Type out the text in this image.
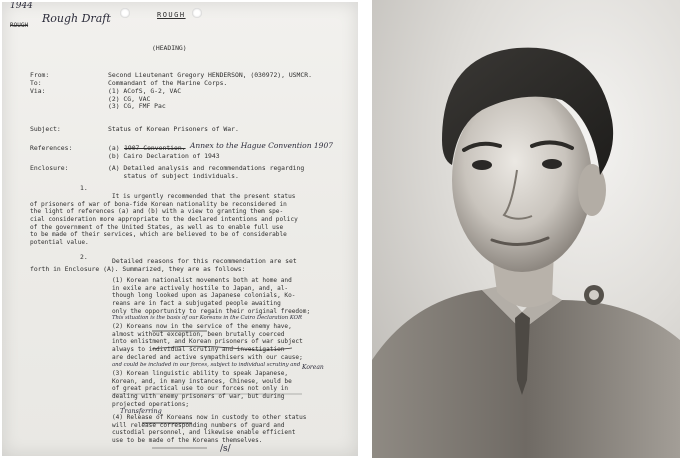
1944
ROUGH
Rough Draft	ROUGH
(HEADING)
From:	Second Lieutenant Gregory HENDERSON, (030972), USMCR.
To:	Commandant of the Marine Corps.
Via:	(1) ACofS, G-2, VAC
(2) CG, VAC
(3) CG, FMF Pac
Subject:	Status of Korean Prisoners of War.
References:	(a) 1907 Convention. Annex to the Hague Convention 1907
(b) Cairo Declaration of 1943
Enclosure:	(A) Detailed analysis and recommendations regarding
status of subject individuals.
1.
It is urgently recommended that the present status
of prisoners of war of bona-fide Korean nationality be reconsidered in
the light of references (a) and (b) with a view to granting them spe-
cial consideration more appropriate to the declared intentions and policy
of the government of the United States, as well as to enable full use
to be made of their services, which are believed to be of considerable
potential value.
2.	Detailed reasons for this recommendation are set
forth in Enclosure (A). Summarized, they are as follows:
(1) Korean nationalist movements both at home and
in exile are actively hostile to Japan, and, al-
though long looked upon as Japanese colonials, Ko-
reans are in fact a subjugated people awaiting
only the opportunity to regain their original freedom;
This situation is the basis of our Koreans in the Cairo Declaration KOR
(2) Koreans now in the service of the enemy have,
almost without exception, been brutally coerced
into enlistment, and Korean prisoners of war subject
always to individual scrutiny and investigation
are declared and active sympathisers with our cause;
and could be included in our forces, subject to individual scrutiny and
(3) Korean linguistic ability to speak Japanese,
Korean, and, in many instances, Chinese, would be
of great practical use to our forces not only in
dealing with enemy prisoners of war, but during
projected operations;
Korean
Transferring
(4) Release of Koreans now in custody to other status
will release corresponding numbers of guard and
custodial personnel, and likewise enable efficient
use to be made of the Koreans themselves.
/s/
